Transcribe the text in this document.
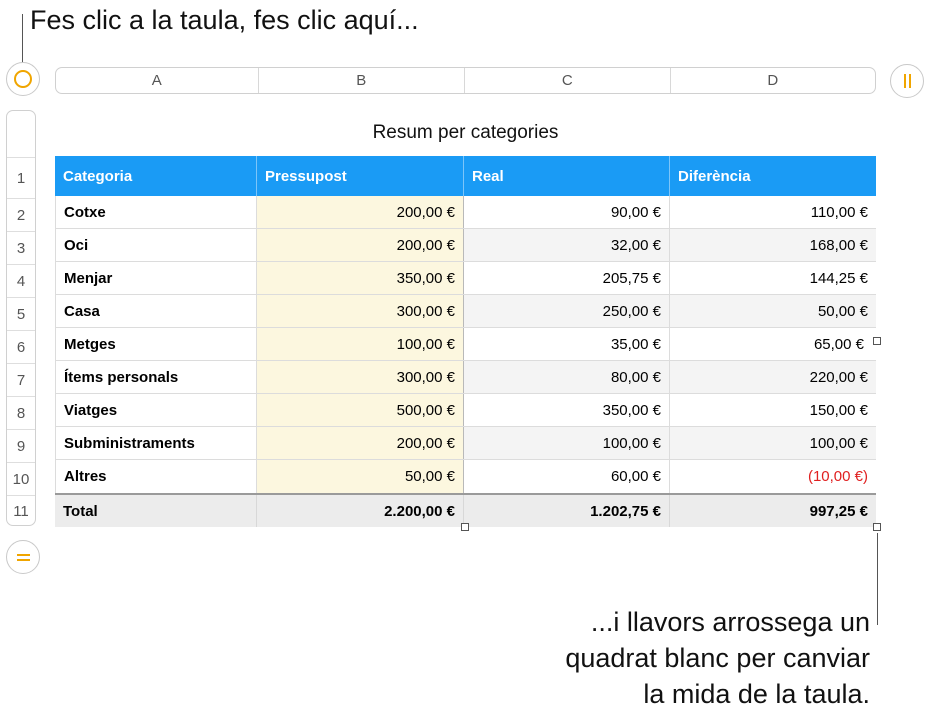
Fes clic a la taula, fes clic aquí...
A	B	C	D
1
2
3
4
5
6
7
8
9
10
11
Resum per categories
Categoria	Pressupost	Real	Diferència
Cotxe	200,00 €	90,00 €	110,00 €
Oci	200,00 €	32,00 €	168,00 €
Menjar	350,00 €	205,75 €	144,25 €
Casa	300,00 €	250,00 €	50,00 €
Metges	100,00 €	35,00 €	65,00 €
Ítems personals	300,00 €	80,00 €	220,00 €
Viatges	500,00 €	350,00 €	150,00 €
Subministraments	200,00 €	100,00 €	100,00 €
Altres	50,00 €	60,00 €	(10,00 €)
Total	2.200,00 €	1.202,75 €	997,25 €
...i llavors arrossega un
quadrat blanc per canviar
la mida de la taula.
